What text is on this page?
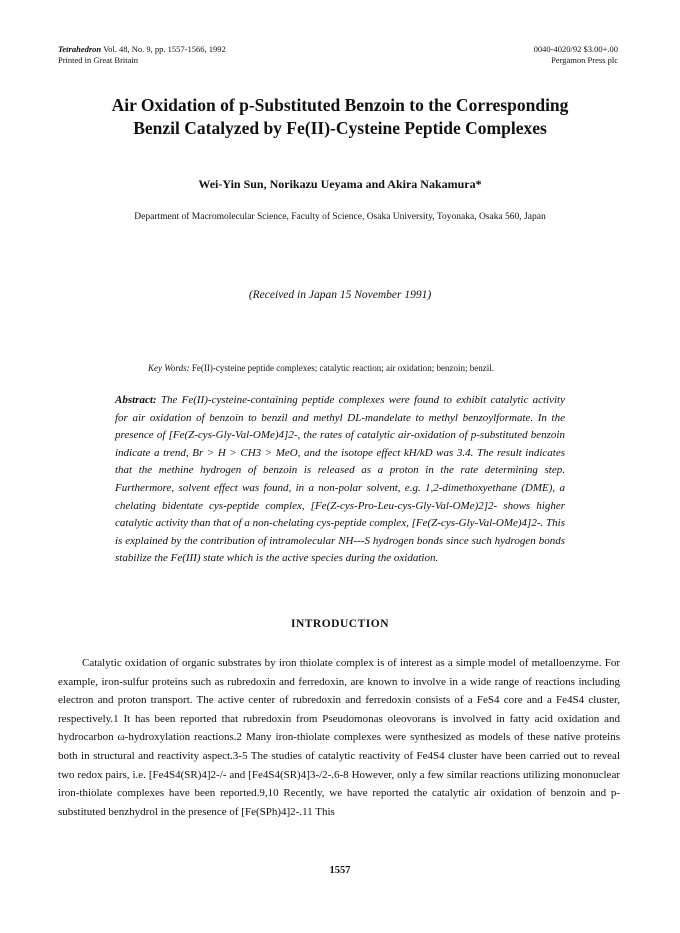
Tetrahedron Vol. 48, No. 9, pp. 1557-1566, 1992
Printed in Great Britain
0040-4020/92 $3.00+.00
Pergamon Press plc
Air Oxidation of p-Substituted Benzoin to the Corresponding
Benzil Catalyzed by Fe(II)-Cysteine Peptide Complexes
Wei-Yin Sun, Norikazu Ueyama and Akira Nakamura*
Department of Macromolecular Science, Faculty of Science, Osaka University, Toyonaka, Osaka 560, Japan
(Received in Japan 15 November 1991)
Key Words: Fe(II)-cysteine peptide complexes; catalytic reaction; air oxidation; benzoin; benzil.
Abstract: The Fe(II)-cysteine-containing peptide complexes were found to exhibit catalytic activity for air oxidation of benzoin to benzil and methyl DL-mandelate to methyl benzoylformate. In the presence of [Fe(Z-cys-Gly-Val-OMe)4]2-, the rates of catalytic air-oxidation of p-substituted benzoin indicate a trend, Br > H > CH3 > MeO, and the isotope effect kH/kD was 3.4. The result indicates that the methine hydrogen of benzoin is released as a proton in the rate determining step. Furthermore, solvent effect was found, in a non-polar solvent, e.g. 1,2-dimethoxyethane (DME), a chelating bidentate cys-peptide complex, [Fe(Z-cys-Pro-Leu-cys-Gly-Val-OMe)2]2- shows higher catalytic activity than that of a non-chelating cys-peptide complex, [Fe(Z-cys-Gly-Val-OMe)4]2-. This is explained by the contribution of intramolecular NH---S hydrogen bonds since such hydrogen bonds stabilize the Fe(III) state which is the active species during the oxidation.
INTRODUCTION
Catalytic oxidation of organic substrates by iron thiolate complex is of interest as a simple model of metalloenzyme. For example, iron-sulfur proteins such as rubredoxin and ferredoxin, are known to involve in a wide range of reactions including electron and proton transport. The active center of rubredoxin and ferredoxin consists of a FeS4 core and a Fe4S4 cluster, respectively.1 It has been reported that rubredoxin from Pseudomonas oleovorans is involved in fatty acid oxidation and hydrocarbon ω-hydroxylation reactions.2 Many iron-thiolate complexes were synthesized as models of these native proteins both in structural and reactivity aspect.3-5 The studies of catalytic reactivity of Fe4S4 cluster have been carried out to reveal two redox pairs, i.e. [Fe4S4(SR)4]2-/- and [Fe4S4(SR)4]3-/2-.6-8 However, only a few similar reactions utilizing mononuclear iron-thiolate complexes have been reported.9,10 Recently, we have reported the catalytic air oxidation of benzoin and p-substituted benzhydrol in the presence of [Fe(SPh)4]2-.11 This
1557
